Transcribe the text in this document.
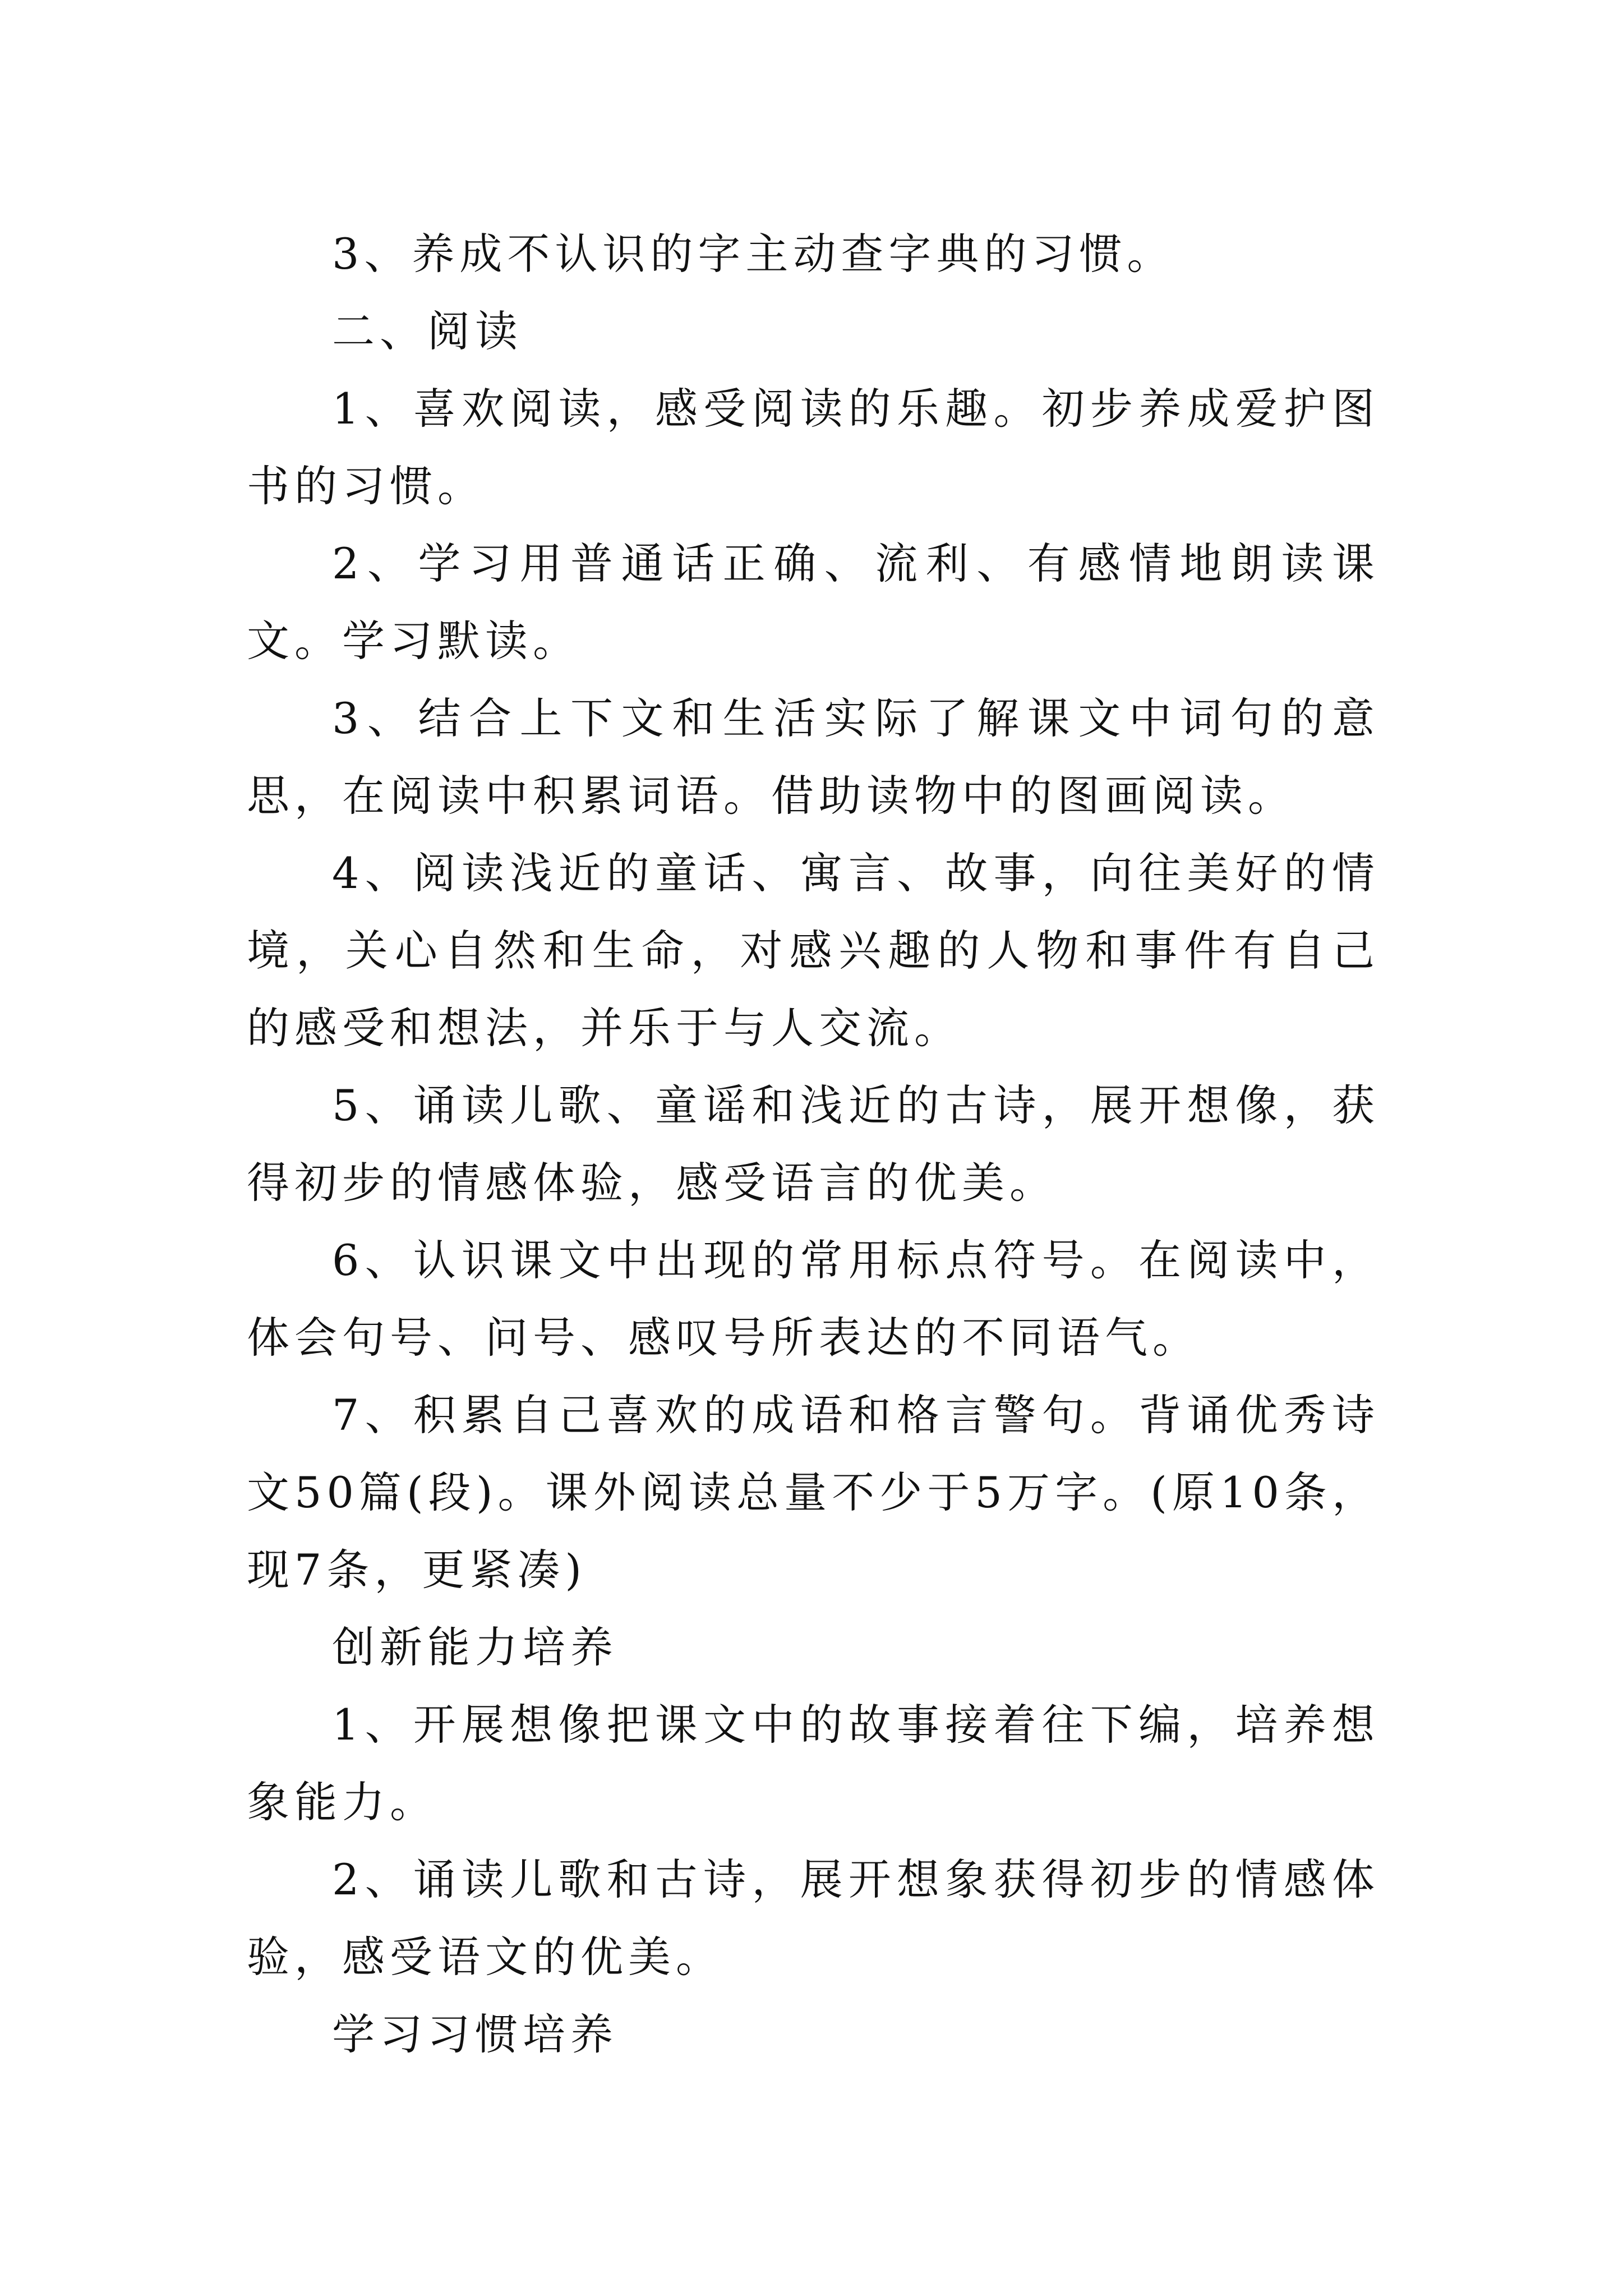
3、养成不认识的字主动查字典的习惯。

二、阅读

1、喜欢阅读，感受阅读的乐趣。初步养成爱护图书的习惯。

2、学习用普通话正确、流利、有感情地朗读课文。学习默读。

3、结合上下文和生活实际了解课文中词句的意思，在阅读中积累词语。借助读物中的图画阅读。

4、阅读浅近的童话、寓言、故事，向往美好的情境，关心自然和生命，对感兴趣的人物和事件有自己的感受和想法，并乐于与人交流。

5、诵读儿歌、童谣和浅近的古诗，展开想像，获得初步的情感体验，感受语言的优美。

6、认识课文中出现的常用标点符号。在阅读中，体会句号、问号、感叹号所表达的不同语气。

7、积累自己喜欢的成语和格言警句。背诵优秀诗文50篇(段)。课外阅读总量不少于5万字。(原10条，现7条，更紧凑)

创新能力培养

1、开展想像把课文中的故事接着往下编，培养想象能力。

2、诵读儿歌和古诗，展开想象获得初步的情感体验，感受语文的优美。

学习习惯培养
